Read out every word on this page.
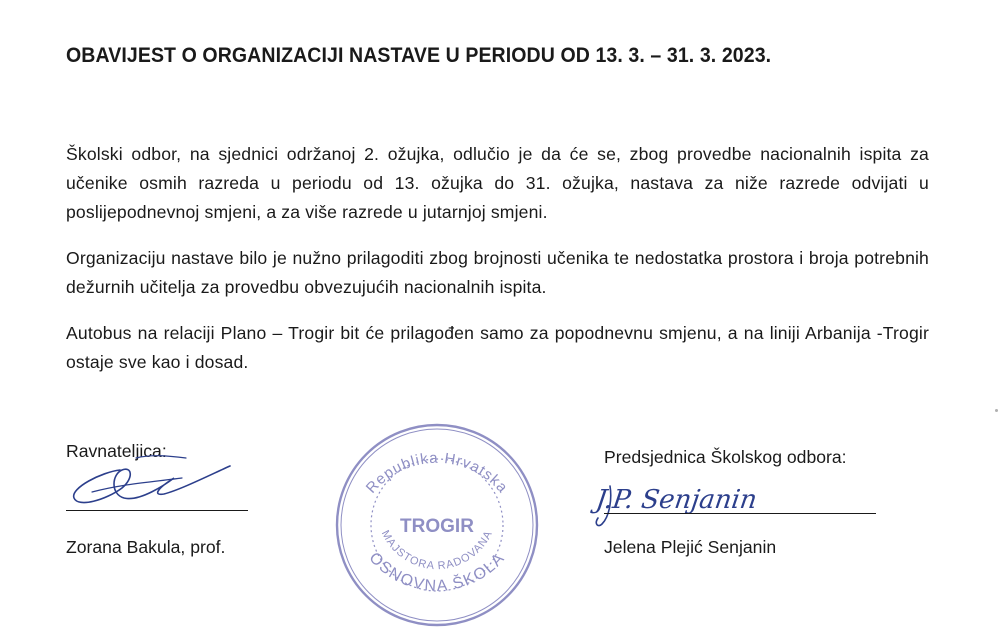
OBAVIJEST O ORGANIZACIJI NASTAVE U PERIODU OD 13. 3. – 31. 3. 2023.
Školski odbor, na sjednici održanoj 2. ožujka, odlučio je da će se, zbog provedbe nacionalnih ispita za učenike osmih razreda u periodu od 13. ožujka do 31. ožujka, nastava za niže razrede odvijati u poslijepodnevnoj smjeni, a za više razrede u jutarnjoj smjeni.
Organizaciju nastave bilo je nužno prilagoditi zbog brojnosti učenika te nedostatka prostora i broja potrebnih dežurnih učitelja za provedbu obvezujućih nacionalnih ispita.
Autobus na relaciji Plano – Trogir bit će prilagođen samo za popodnevnu smjenu, a na liniji Arbanija -Trogir ostaje sve kao i dosad.
Ravnateljica:
Zorana Bakula, prof.
Republika Hrvatska
MAJSTORA RADOVANA
OSNOVNA ŠKOLA
TROGIR
Predsjednica Školskog odbora:
J.P. Senjanin
Jelena Plejić Senjanin
